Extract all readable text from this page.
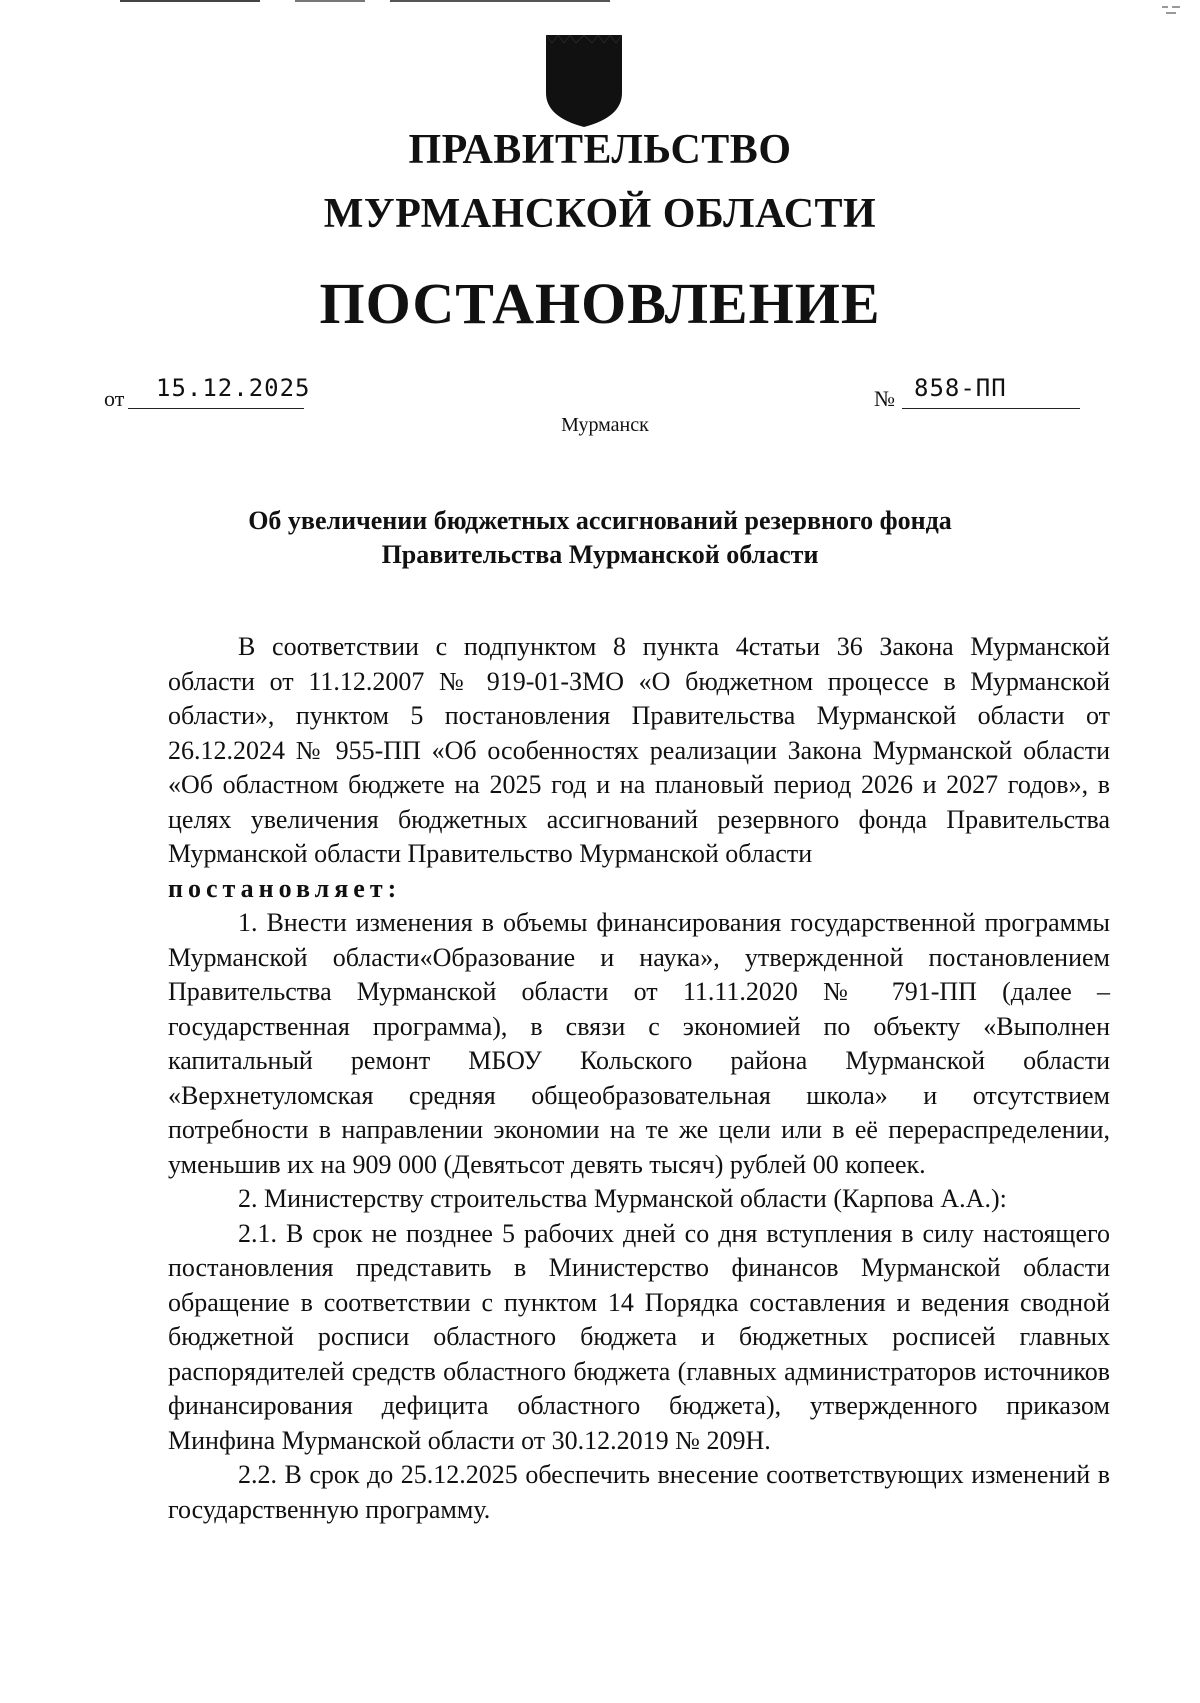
ПРАВИТЕЛЬСТВО
МУРМАНСКОЙ ОБЛАСТИ
ПОСТАНОВЛЕНИЕ
от 15.12.2025	№ 858-ПП
Мурманск
Об увеличении бюджетных ассигнований резервного фонда
Правительства Мурманской области

В соответствии с подпунктом 8 пункта 4статьи 36 Закона Мурманской области от 11.12.2007 № 919-01-ЗМО «О бюджетном процессе в Мурманской области», пунктом 5 постановления Правительства Мурманской области от 26.12.2024 № 955-ПП «Об особенностях реализации Закона Мурманской области «Об областном бюджете на 2025 год и на плановый период 2026 и 2027 годов», в целях увеличения бюджетных ассигнований резервного фонда Правительства Мурманской области Правительство Мурманской области

постановляет:

1. Внести изменения в объемы финансирования государственной программы Мурманской области«Образование и наука», утвержденной постановлением Правительства Мурманской области от 11.11.2020 № 791-ПП (далее – государственная программа), в связи с экономией по объекту «Выполнен капитальный ремонт МБОУ Кольского района Мурманской области «Верхнетуломская средняя общеобразовательная школа» и отсутствием потребности в направлении экономии на те же цели или в её перераспределении, уменьшив их на 909 000 (Девятьсот девять тысяч) рублей 00 копеек.

2. Министерству строительства Мурманской области (Карпова А.А.):

2.1. В срок не позднее 5 рабочих дней со дня вступления в силу настоящего постановления представить в Министерство финансов Мурманской области обращение в соответствии с пунктом 14 Порядка составления и ведения сводной бюджетной росписи областного бюджета и бюджетных росписей главных распорядителей средств областного бюджета (главных администраторов источников финансирования дефицита областного бюджета), утвержденного приказом Минфина Мурманской области от 30.12.2019 № 209Н.

2.2. В срок до 25.12.2025 обеспечить внесение соответствующих изменений в государственную программу.
